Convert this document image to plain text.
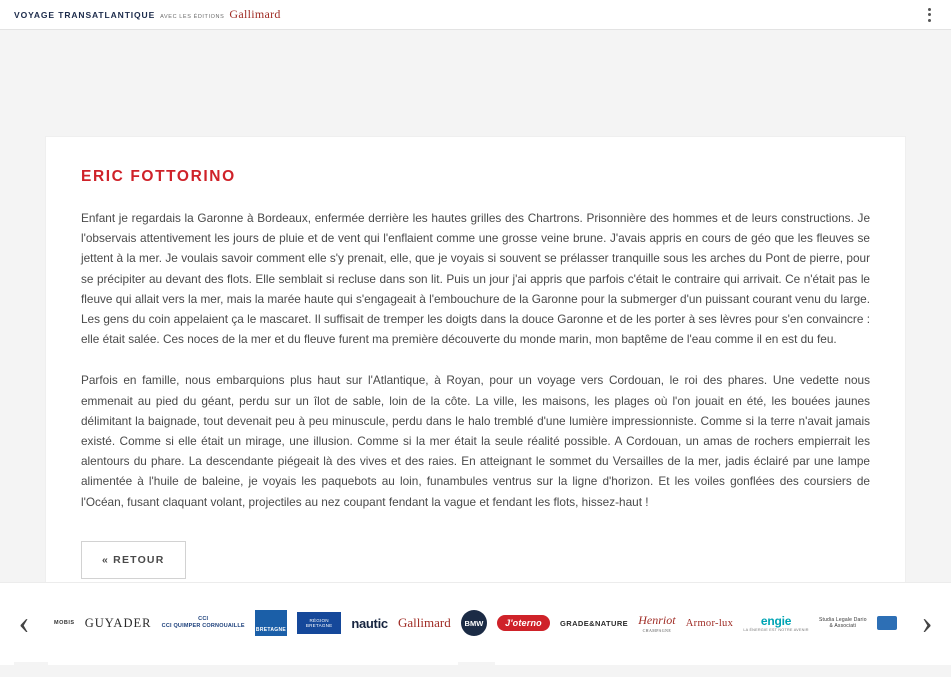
VOYAGE TRANSATLANTIQUE AVEC LES ÉDITIONS Gallimard
ERIC FOTTORINO

Enfant je regardais la Garonne à Bordeaux, enfermée derrière les hautes grilles des Chartrons. Prisonnière des hommes et de leurs constructions. Je l'observais attentivement les jours de pluie et de vent qui l'enflaient comme une grosse veine brune. J'avais appris en cours de géo que les fleuves se jettent à la mer. Je voulais savoir comment elle s'y prenait, elle, que je voyais si souvent se prélasser tranquille sous les arches du Pont de pierre, pour se précipiter au devant des flots. Elle semblait si recluse dans son lit. Puis un jour j'ai appris que parfois c'était le contraire qui arrivait. Ce n'était pas le fleuve qui allait vers la mer, mais la marée haute qui s'engageait à l'embouchure de la Garonne pour la submerger d'un puissant courant venu du large. Les gens du coin appelaient ça le mascaret. Il suffisait de tremper les doigts dans la douce Garonne et de les porter à ses lèvres pour s'en convaincre : elle était salée. Ces noces de la mer et du fleuve furent ma première découverte du monde marin, mon baptême de l'eau comme il en est du feu.

Parfois en famille, nous embarquions plus haut sur l'Atlantique, à Royan, pour un voyage vers Cordouan, le roi des phares. Une vedette nous emmenait au pied du géant, perdu sur un îlot de sable, loin de la côte. La ville, les maisons, les plages où l'on jouait en été, les bouées jaunes délimitant la baignade, tout devenait peu à peu minuscule, perdu dans le halo tremblé d'une lumière impressionniste. Comme si la terre n'avait jamais existé. Comme si elle était un mirage, une illusion. Comme si la mer était la seule réalité possible. A Cordouan, un amas de rochers empierrait les alentours du phare. La descendante piégeait là des vives et des raies. En atteignant le sommet du Versailles de la mer, jadis éclairé par une lampe alimentée à l'huile de baleine, je voyais les paquebots au loin, funambules ventrus sur la ligne d'horizon. Et les voiles gonflées des coursiers de l'Océan, fusant claquant volant, projectiles au nez coupant fendant la vague et fendant les flots, hissez-haut !

« RETOUR
‹	MOBIS GUYADER	CCI
CCI QUIMPER CORNOUAILLE
BRETAGNE
RÉGION BRETAGNE	nautic Gallimard	BMW	J'oterno	GRADE&NATURE Henriot
CHAMPAGNE
Armor-lux	engie
LA ÉNERGIE EST NOTRE AVENIR
Studia Legale Dario
& Associati	›
